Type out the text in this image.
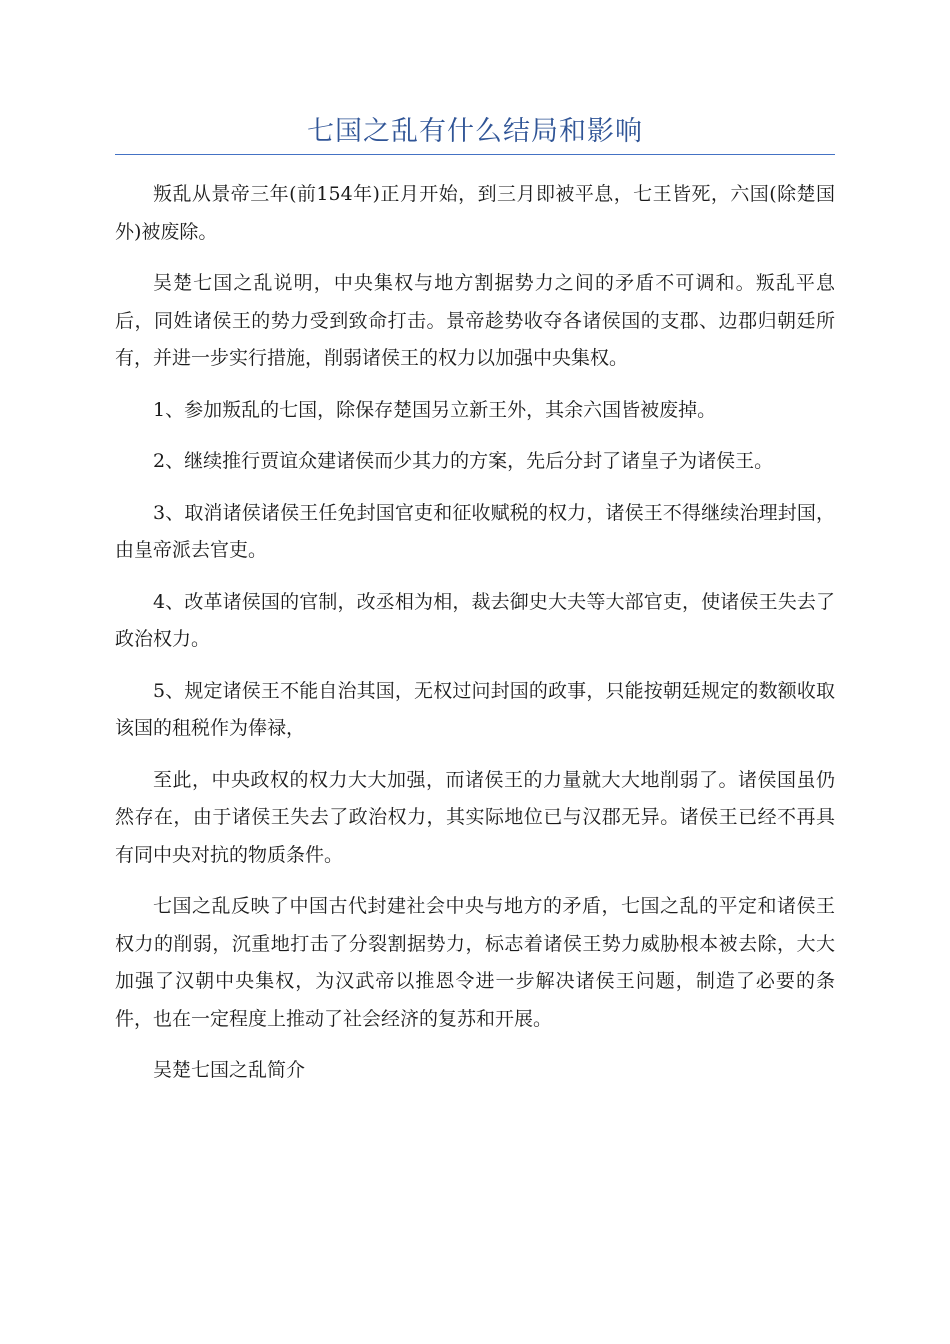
七国之乱有什么结局和影响

叛乱从景帝三年(前154年)正月开始，到三月即被平息，七王皆死，六国(除楚国外)被废除。

吴楚七国之乱说明，中央集权与地方割据势力之间的矛盾不可调和。叛乱平息后，同姓诸侯王的势力受到致命打击。景帝趁势收夺各诸侯国的支郡、边郡归朝廷所有，并进一步实行措施，削弱诸侯王的权力以加强中央集权。

1、参加叛乱的七国，除保存楚国另立新王外，其余六国皆被废掉。

2、继续推行贾谊众建诸侯而少其力的方案，先后分封了诸皇子为诸侯王。

3、取消诸侯诸侯王任免封国官吏和征收赋税的权力，诸侯王不得继续治理封国，由皇帝派去官吏。

4、改革诸侯国的官制，改丞相为相，裁去御史大夫等大部官吏，使诸侯王失去了政治权力。

5、规定诸侯王不能自治其国，无权过问封国的政事，只能按朝廷规定的数额收取该国的租税作为俸禄，

至此，中央政权的权力大大加强，而诸侯王的力量就大大地削弱了。诸侯国虽仍然存在，由于诸侯王失去了政治权力，其实际地位已与汉郡无异。诸侯王已经不再具有同中央对抗的物质条件。

七国之乱反映了中国古代封建社会中央与地方的矛盾，七国之乱的平定和诸侯王权力的削弱，沉重地打击了分裂割据势力，标志着诸侯王势力威胁根本被去除，大大加强了汉朝中央集权，为汉武帝以推恩令进一步解决诸侯王问题，制造了必要的条件，也在一定程度上推动了社会经济的复苏和开展。

吴楚七国之乱简介
